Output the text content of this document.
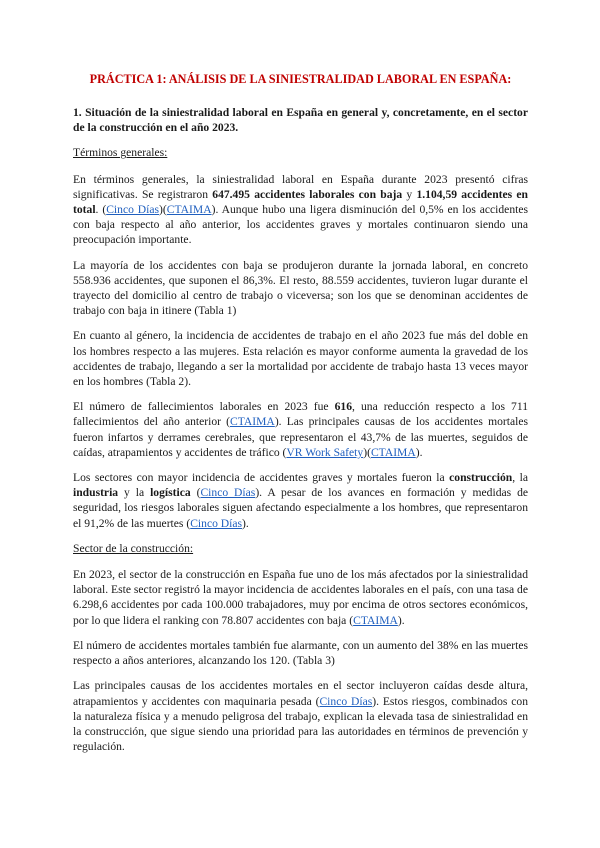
PRÁCTICA 1: ANÁLISIS DE LA SINIESTRALIDAD LABORAL EN ESPAÑA:
1. Situación de la siniestralidad laboral en España en general y, concretamente, en el sector de la construcción en el año 2023.
Términos generales:

En términos generales, la siniestralidad laboral en España durante 2023 presentó cifras significativas. Se registraron 647.495 accidentes laborales con baja y 1.104,59 accidentes en total. (Cinco Días)(CTAIMA). Aunque hubo una ligera disminución del 0,5% en los accidentes con baja respecto al año anterior, los accidentes graves y mortales continuaron siendo una preocupación importante.

La mayoría de los accidentes con baja se produjeron durante la jornada laboral, en concreto 558.936 accidentes, que suponen el 86,3%. El resto, 88.559 accidentes, tuvieron lugar durante el trayecto del domicilio al centro de trabajo o viceversa; son los que se denominan accidentes de trabajo con baja in itinere (Tabla 1)

En cuanto al género, la incidencia de accidentes de trabajo en el año 2023 fue más del doble en los hombres respecto a las mujeres. Esta relación es mayor conforme aumenta la gravedad de los accidentes de trabajo, llegando a ser la mortalidad por accidente de trabajo hasta 13 veces mayor en los hombres (Tabla 2).

El número de fallecimientos laborales en 2023 fue 616, una reducción respecto a los 711 fallecimientos del año anterior (CTAIMA). Las principales causas de los accidentes mortales fueron infartos y derrames cerebrales, que representaron el 43,7% de las muertes, seguidos de caídas, atrapamientos y accidentes de tráfico (VR Work Safety)(CTAIMA).

Los sectores con mayor incidencia de accidentes graves y mortales fueron la construcción, la industria y la logística (Cinco Días). A pesar de los avances en formación y medidas de seguridad, los riesgos laborales siguen afectando especialmente a los hombres, que representaron el 91,2% de las muertes (Cinco Días).

Sector de la construcción:

En 2023, el sector de la construcción en España fue uno de los más afectados por la siniestralidad laboral. Este sector registró la mayor incidencia de accidentes laborales en el país, con una tasa de 6.298,6 accidentes por cada 100.000 trabajadores, muy por encima de otros sectores económicos, por lo que lidera el ranking con 78.807 accidentes con baja (CTAIMA).

El número de accidentes mortales también fue alarmante, con un aumento del 38% en las muertes respecto a años anteriores, alcanzando los 120. (Tabla 3)

Las principales causas de los accidentes mortales en el sector incluyeron caídas desde altura, atrapamientos y accidentes con maquinaria pesada (Cinco Días). Estos riesgos, combinados con la naturaleza física y a menudo peligrosa del trabajo, explican la elevada tasa de siniestralidad en la construcción, que sigue siendo una prioridad para las autoridades en términos de prevención y regulación.
